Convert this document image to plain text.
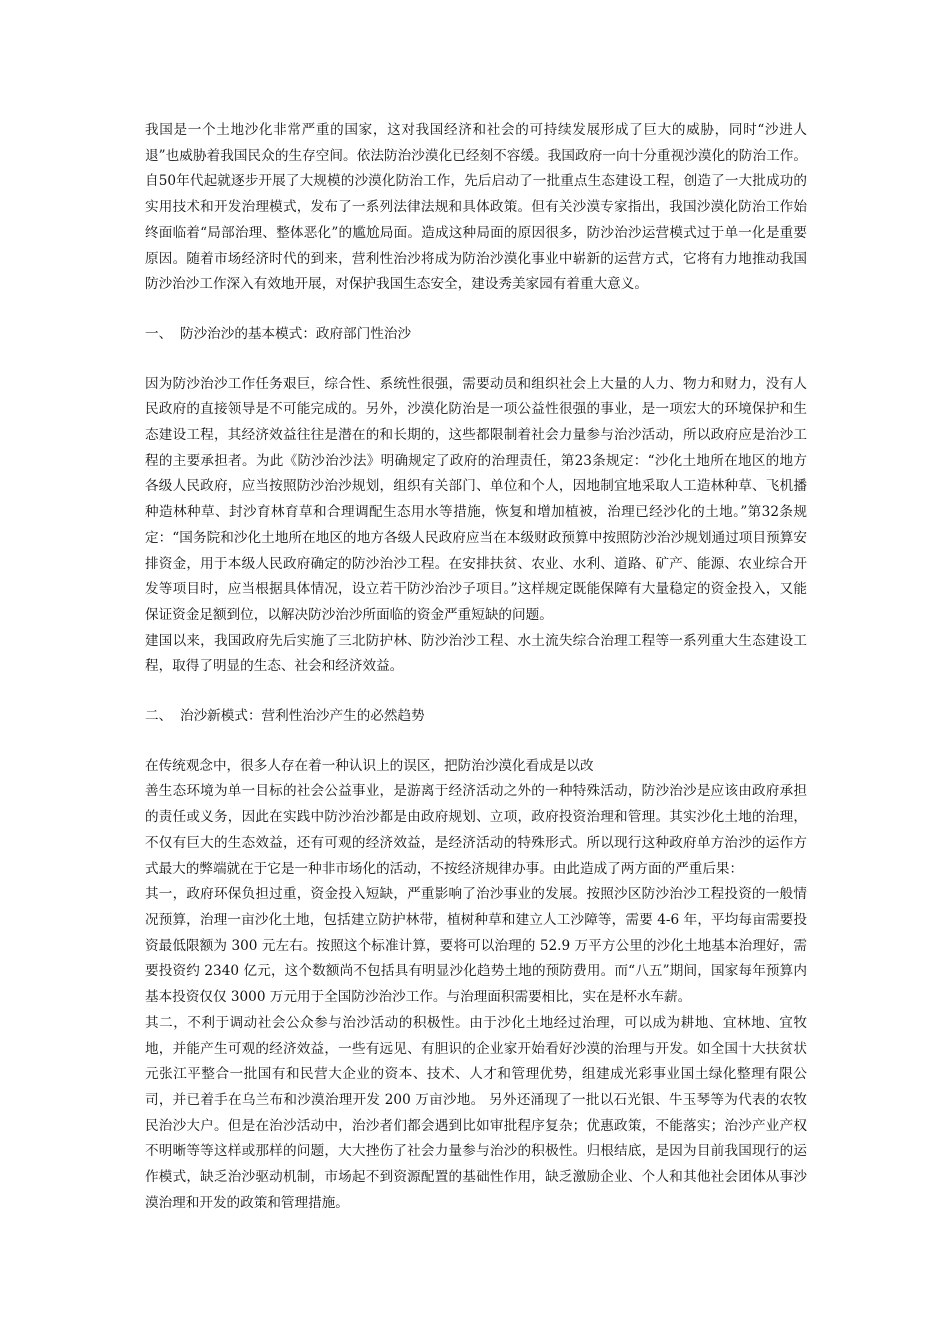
我国是一个土地沙化非常严重的国家，这对我国经济和社会的可持续发展形成了巨大的威胁，同时“沙进人退”也威胁着我国民众的生存空间。依法防治沙漠化已经刻不容缓。我国政府一向十分重视沙漠化的防治工作。自50年代起就逐步开展了大规模的沙漠化防治工作，先后启动了一批重点生态建设工程，创造了一大批成功的实用技术和开发治理模式，发布了一系列法律法规和具体政策。但有关沙漠专家指出，我国沙漠化防治工作始终面临着“局部治理、整体恶化”的尴尬局面。造成这种局面的原因很多，防沙治沙运营模式过于单一化是重要原因。随着市场经济时代的到来，营利性治沙将成为防治沙漠化事业中崭新的运营方式，它将有力地推动我国防沙治沙工作深入有效地开展，对保护我国生态安全，建设秀美家园有着重大意义。

一、 防沙治沙的基本模式：政府部门性治沙

因为防沙治沙工作任务艰巨，综合性、系统性很强，需要动员和组织社会上大量的人力、物力和财力，没有人民政府的直接领导是不可能完成的。另外，沙漠化防治是一项公益性很强的事业，是一项宏大的环境保护和生态建设工程，其经济效益往往是潜在的和长期的，这些都限制着社会力量参与治沙活动，所以政府应是治沙工程的主要承担者。为此《防沙治沙法》明确规定了政府的治理责任，第23条规定：“沙化土地所在地区的地方各级人民政府，应当按照防沙治沙规划，组织有关部门、单位和个人，因地制宜地采取人工造林种草、飞机播种造林种草、封沙育林育草和合理调配生态用水等措施，恢复和增加植被，治理已经沙化的土地。”第32条规定：“国务院和沙化土地所在地区的地方各级人民政府应当在本级财政预算中按照防沙治沙规划通过项目预算安排资金，用于本级人民政府确定的防沙治沙工程。在安排扶贫、农业、水利、道路、矿产、能源、农业综合开发等项目时，应当根据具体情况，设立若干防沙治沙子项目。”这样规定既能保障有大量稳定的资金投入，又能保证资金足额到位，以解决防沙治沙所面临的资金严重短缺的问题。

建国以来，我国政府先后实施了三北防护林、防沙治沙工程、水土流失综合治理工程等一系列重大生态建设工程，取得了明显的生态、社会和经济效益。

二、 治沙新模式：营利性治沙产生的必然趋势

在传统观念中，很多人存在着一种认识上的误区，把防治沙漠化看成是以改

善生态环境为单一目标的社会公益事业，是游离于经济活动之外的一种特殊活动，防沙治沙是应该由政府承担的责任或义务，因此在实践中防沙治沙都是由政府规划、立项，政府投资治理和管理。其实沙化土地的治理，不仅有巨大的生态效益，还有可观的经济效益，是经济活动的特殊形式。所以现行这种政府单方治沙的运作方式最大的弊端就在于它是一种非市场化的活动，不按经济规律办事。由此造成了两方面的严重后果：

其一，政府环保负担过重，资金投入短缺，严重影响了治沙事业的发展。按照沙区防沙治沙工程投资的一般情况预算，治理一亩沙化土地，包括建立防护林带，植树种草和建立人工沙障等，需要 4-6 年，平均每亩需要投资最低限额为 300 元左右。按照这个标准计算，要将可以治理的 52.9 万平方公里的沙化土地基本治理好，需要投资约 2340 亿元，这个数额尚不包括具有明显沙化趋势土地的预防费用。而“八五”期间，国家每年预算内基本投资仅仅 3000 万元用于全国防沙治沙工作。与治理面积需要相比，实在是杯水车薪。

其二，不利于调动社会公众参与治沙活动的积极性。由于沙化土地经过治理，可以成为耕地、宜林地、宜牧地，并能产生可观的经济效益，一些有远见、有胆识的企业家开始看好沙漠的治理与开发。如全国十大扶贫状元张江平整合一批国有和民营大企业的资本、技术、人才和管理优势，组建成光彩事业国土绿化整理有限公司，并已着手在乌兰布和沙漠治理开发 200 万亩沙地。 另外还涌现了一批以石光银、牛玉琴等为代表的农牧民治沙大户。但是在治沙活动中，治沙者们都会遇到比如审批程序复杂；优惠政策，不能落实；治沙产业产权不明晰等等这样或那样的问题，大大挫伤了社会力量参与治沙的积极性。归根结底，是因为目前我国现行的运作模式，缺乏治沙驱动机制，市场起不到资源配置的基础性作用，缺乏激励企业、个人和其他社会团体从事沙漠治理和开发的政策和管理措施。
